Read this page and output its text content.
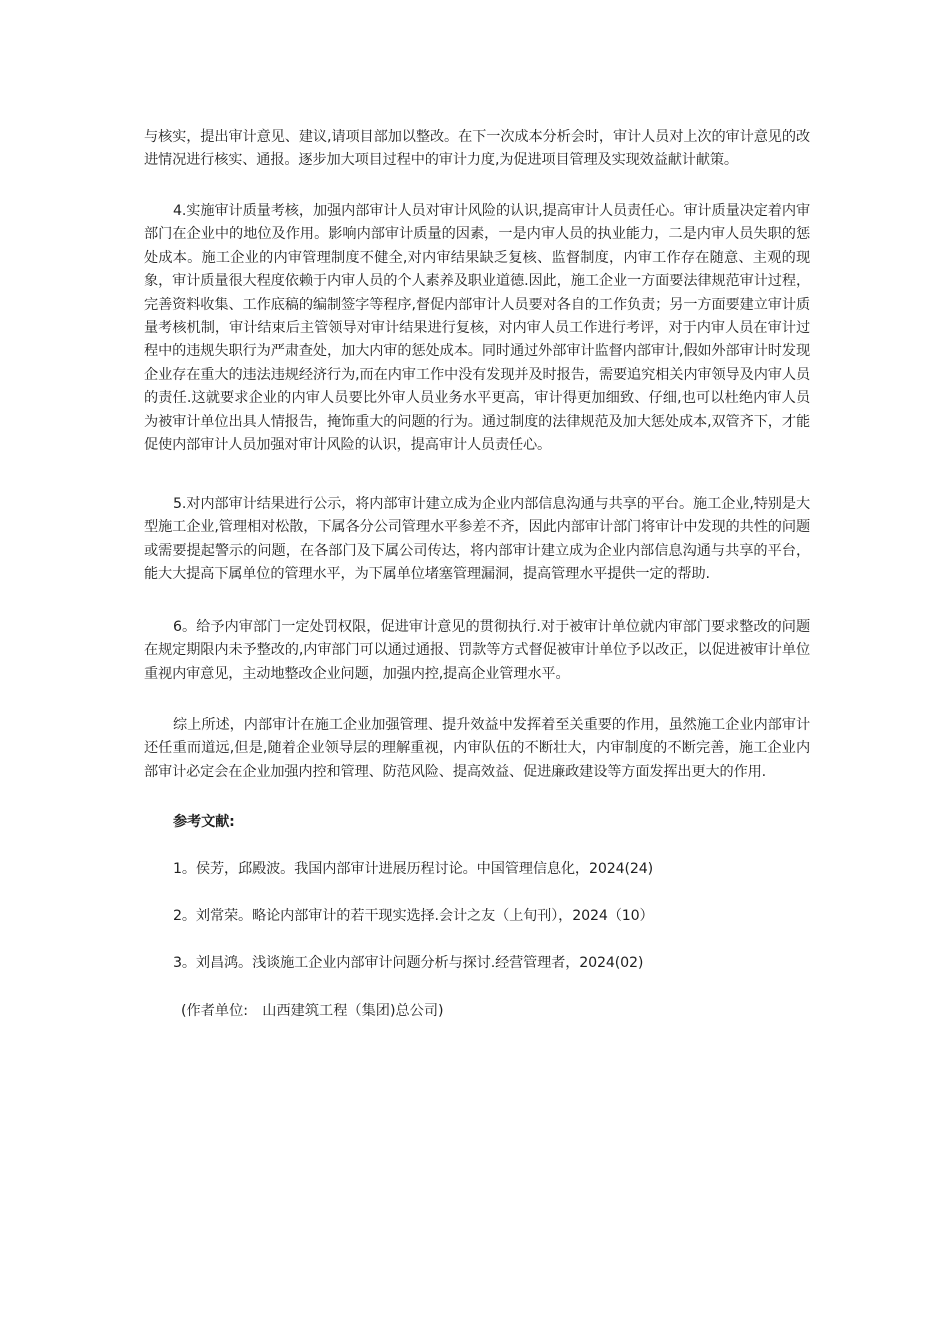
与核实，提出审计意见、建议,请项目部加以整改。在下一次成本分析会时，审计人员对上次的审计意见的改进情况进行核实、通报。逐步加大项目过程中的审计力度,为促进项目管理及实现效益献计献策。

4.实施审计质量考核，加强内部审计人员对审计风险的认识,提高审计人员责任心。审计质量决定着内审部门在企业中的地位及作用。影响内部审计质量的因素，一是内审人员的执业能力，二是内审人员失职的惩处成本。施工企业的内审管理制度不健全,对内审结果缺乏复核、监督制度，内审工作存在随意、主观的现象，审计质量很大程度依赖于内审人员的个人素养及职业道德.因此，施工企业一方面要法律规范审计过程，完善资料收集、工作底稿的编制签字等程序,督促内部审计人员要对各自的工作负责；另一方面要建立审计质量考核机制，审计结束后主管领导对审计结果进行复核，对内审人员工作进行考评，对于内审人员在审计过程中的违规失职行为严肃查处，加大内审的惩处成本。同时通过外部审计监督内部审计,假如外部审计时发现企业存在重大的违法违规经济行为,而在内审工作中没有发现并及时报告，需要追究相关内审领导及内审人员的责任.这就要求企业的内审人员要比外审人员业务水平更高，审计得更加细致、仔细,也可以杜绝内审人员为被审计单位出具人情报告，掩饰重大的问题的行为。通过制度的法律规范及加大惩处成本,双管齐下，才能促使内部审计人员加强对审计风险的认识，提高审计人员责任心。

5.对内部审计结果进行公示，将内部审计建立成为企业内部信息沟通与共享的平台。施工企业,特别是大型施工企业,管理相对松散，下属各分公司管理水平参差不齐，因此内部审计部门将审计中发现的共性的问题或需要提起警示的问题，在各部门及下属公司传达，将内部审计建立成为企业内部信息沟通与共享的平台，能大大提高下属单位的管理水平，为下属单位堵塞管理漏洞，提高管理水平提供一定的帮助.

6。给予内审部门一定处罚权限，促进审计意见的贯彻执行.对于被审计单位就内审部门要求整改的问题在规定期限内未予整改的,内审部门可以通过通报、罚款等方式督促被审计单位予以改正，以促进被审计单位重视内审意见，主动地整改企业问题，加强内控,提高企业管理水平。

综上所述，内部审计在施工企业加强管理、提升效益中发挥着至关重要的作用，虽然施工企业内部审计还任重而道远,但是,随着企业领导层的理解重视，内审队伍的不断壮大，内审制度的不断完善，施工企业内部审计必定会在企业加强内控和管理、防范风险、提高效益、促进廉政建设等方面发挥出更大的作用.

参考文献:

1。侯芳，邱殿波。我国内部审计进展历程讨论。中国管理信息化，2024(24)

2。刘常荣。略论内部审计的若干现实选择.会计之友（上旬刊），2024（10）

3。刘昌鸿。浅谈施工企业内部审计问题分析与探讨.经营管理者，2024(02)

(作者单位:　山西建筑工程（集团)总公司)
